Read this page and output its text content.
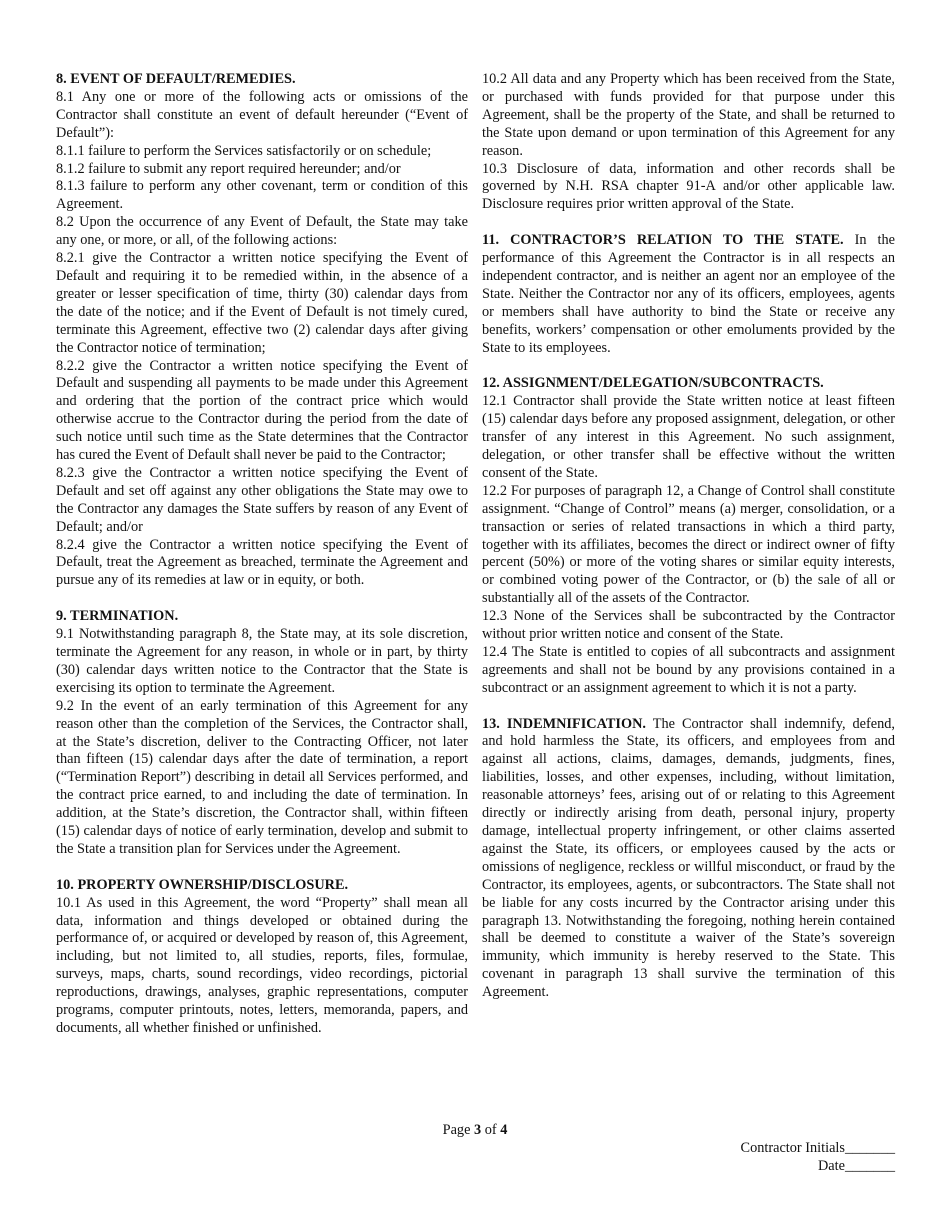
8. EVENT OF DEFAULT/REMEDIES.

8.1 Any one or more of the following acts or omissions of the Contractor shall constitute an event of default hereunder (“Event of Default”):

8.1.1 failure to perform the Services satisfactorily or on schedule;

8.1.2 failure to submit any report required hereunder; and/or

8.1.3 failure to perform any other covenant, term or condition of this Agreement.

8.2 Upon the occurrence of any Event of Default, the State may take any one, or more, or all, of the following actions:

8.2.1 give the Contractor a written notice specifying the Event of Default and requiring it to be remedied within, in the absence of a greater or lesser specification of time, thirty (30) calendar days from the date of the notice; and if the Event of Default is not timely cured, terminate this Agreement, effective two (2) calendar days after giving the Contractor notice of termination;

8.2.2 give the Contractor a written notice specifying the Event of Default and suspending all payments to be made under this Agreement and ordering that the portion of the contract price which would otherwise accrue to the Contractor during the period from the date of such notice until such time as the State determines that the Contractor has cured the Event of Default shall never be paid to the Contractor;

8.2.3 give the Contractor a written notice specifying the Event of Default and set off against any other obligations the State may owe to the Contractor any damages the State suffers by reason of any Event of Default; and/or

8.2.4 give the Contractor a written notice specifying the Event of Default, treat the Agreement as breached, terminate the Agreement and pursue any of its remedies at law or in equity, or both.

9. TERMINATION.

9.1 Notwithstanding paragraph 8, the State may, at its sole discretion, terminate the Agreement for any reason, in whole or in part, by thirty (30) calendar days written notice to the Contractor that the State is exercising its option to terminate the Agreement.

9.2 In the event of an early termination of this Agreement for any reason other than the completion of the Services, the Contractor shall, at the State’s discretion, deliver to the Contracting Officer, not later than fifteen (15) calendar days after the date of termination, a report (“Termination Report”) describing in detail all Services performed, and the contract price earned, to and including the date of termination. In addition, at the State’s discretion, the Contractor shall, within fifteen (15) calendar days of notice of early termination, develop and submit to the State a transition plan for Services under the Agreement.

10. PROPERTY OWNERSHIP/DISCLOSURE.

10.1 As used in this Agreement, the word “Property” shall mean all data, information and things developed or obtained during the performance of, or acquired or developed by reason of, this Agreement, including, but not limited to, all studies, reports, files, formulae, surveys, maps, charts, sound recordings, video recordings, pictorial reproductions, drawings, analyses, graphic representations, computer programs, computer printouts, notes, letters, memoranda, papers, and documents, all whether finished or unfinished.

10.2 All data and any Property which has been received from the State, or purchased with funds provided for that purpose under this Agreement, shall be the property of the State, and shall be returned to the State upon demand or upon termination of this Agreement for any reason.

10.3 Disclosure of data, information and other records shall be governed by N.H. RSA chapter 91-A and/or other applicable law. Disclosure requires prior written approval of the State.

11. CONTRACTOR’S RELATION TO THE STATE. In the performance of this Agreement the Contractor is in all respects an independent contractor, and is neither an agent nor an employee of the State. Neither the Contractor nor any of its officers, employees, agents or members shall have authority to bind the State or receive any benefits, workers’ compensation or other emoluments provided by the State to its employees.

12. ASSIGNMENT/DELEGATION/SUBCONTRACTS.

12.1 Contractor shall provide the State written notice at least fifteen (15) calendar days before any proposed assignment, delegation, or other transfer of any interest in this Agreement. No such assignment, delegation, or other transfer shall be effective without the written consent of the State.

12.2 For purposes of paragraph 12, a Change of Control shall constitute assignment. “Change of Control” means (a) merger, consolidation, or a transaction or series of related transactions in which a third party, together with its affiliates, becomes the direct or indirect owner of fifty percent (50%) or more of the voting shares or similar equity interests, or combined voting power of the Contractor, or (b) the sale of all or substantially all of the assets of the Contractor.

12.3 None of the Services shall be subcontracted by the Contractor without prior written notice and consent of the State.

12.4 The State is entitled to copies of all subcontracts and assignment agreements and shall not be bound by any provisions contained in a subcontract or an assignment agreement to which it is not a party.

13. INDEMNIFICATION. The Contractor shall indemnify, defend, and hold harmless the State, its officers, and employees from and against all actions, claims, damages, demands, judgments, fines, liabilities, losses, and other expenses, including, without limitation, reasonable attorneys’ fees, arising out of or relating to this Agreement directly or indirectly arising from death, personal injury, property damage, intellectual property infringement, or other claims asserted against the State, its officers, or employees caused by the acts or omissions of negligence, reckless or willful misconduct, or fraud by the Contractor, its employees, agents, or subcontractors. The State shall not be liable for any costs incurred by the Contractor arising under this paragraph 13. Notwithstanding the foregoing, nothing herein contained shall be deemed to constitute a waiver of the State’s sovereign immunity, which immunity is hereby reserved to the State. This covenant in paragraph 13 shall survive the termination of this Agreement.

Page 3 of 4
Contractor Initials_______
Date_______
